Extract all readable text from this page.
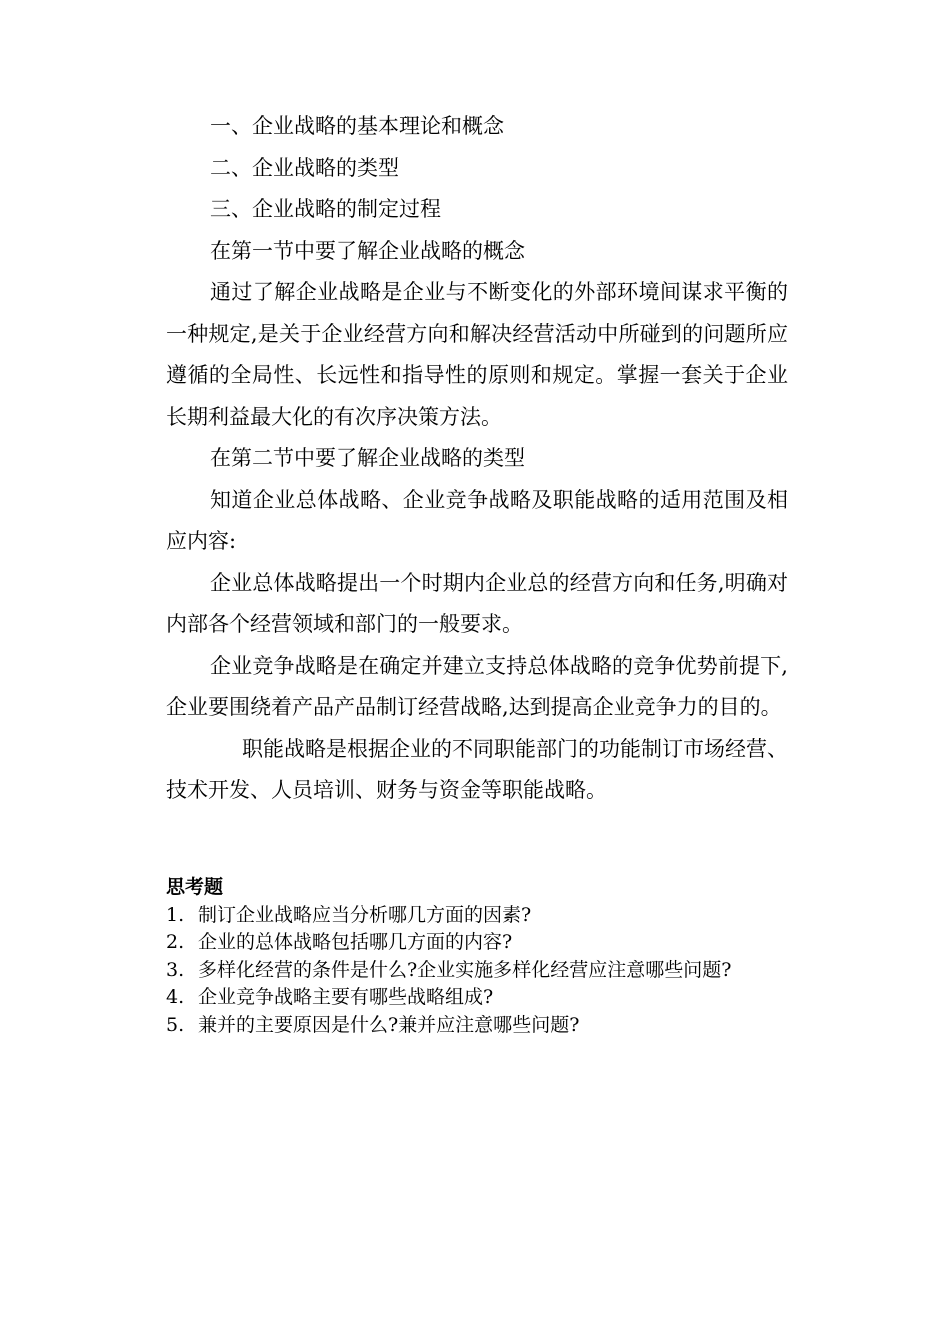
一、企业战略的基本理论和概念

二、企业战略的类型

三、企业战略的制定过程

在第一节中要了解企业战略的概念

通过了解企业战略是企业与不断变化的外部环境间谋求平衡的一种规定,是关于企业经营方向和解决经营活动中所碰到的问题所应遵循的全局性、长远性和指导性的原则和规定。掌握一套关于企业长期利益最大化的有次序决策方法。

在第二节中要了解企业战略的类型

知道企业总体战略、企业竞争战略及职能战略的适用范围及相应内容:

企业总体战略提出一个时期内企业总的经营方向和任务,明确对内部各个经营领域和部门的一般要求。

企业竞争战略是在确定并建立支持总体战略的竞争优势前提下,企业要围绕着产品产品制订经营战略,达到提高企业竞争力的目的。

职能战略是根据企业的不同职能部门的功能制订市场经营、技术开发、人员培训、财务与资金等职能战略。

思考题
1. 制订企业战略应当分析哪几方面的因素?
2. 企业的总体战略包括哪几方面的内容?
3. 多样化经营的条件是什么?企业实施多样化经营应注意哪些问题?
4. 企业竞争战略主要有哪些战略组成?
5. 兼并的主要原因是什么?兼并应注意哪些问题?
